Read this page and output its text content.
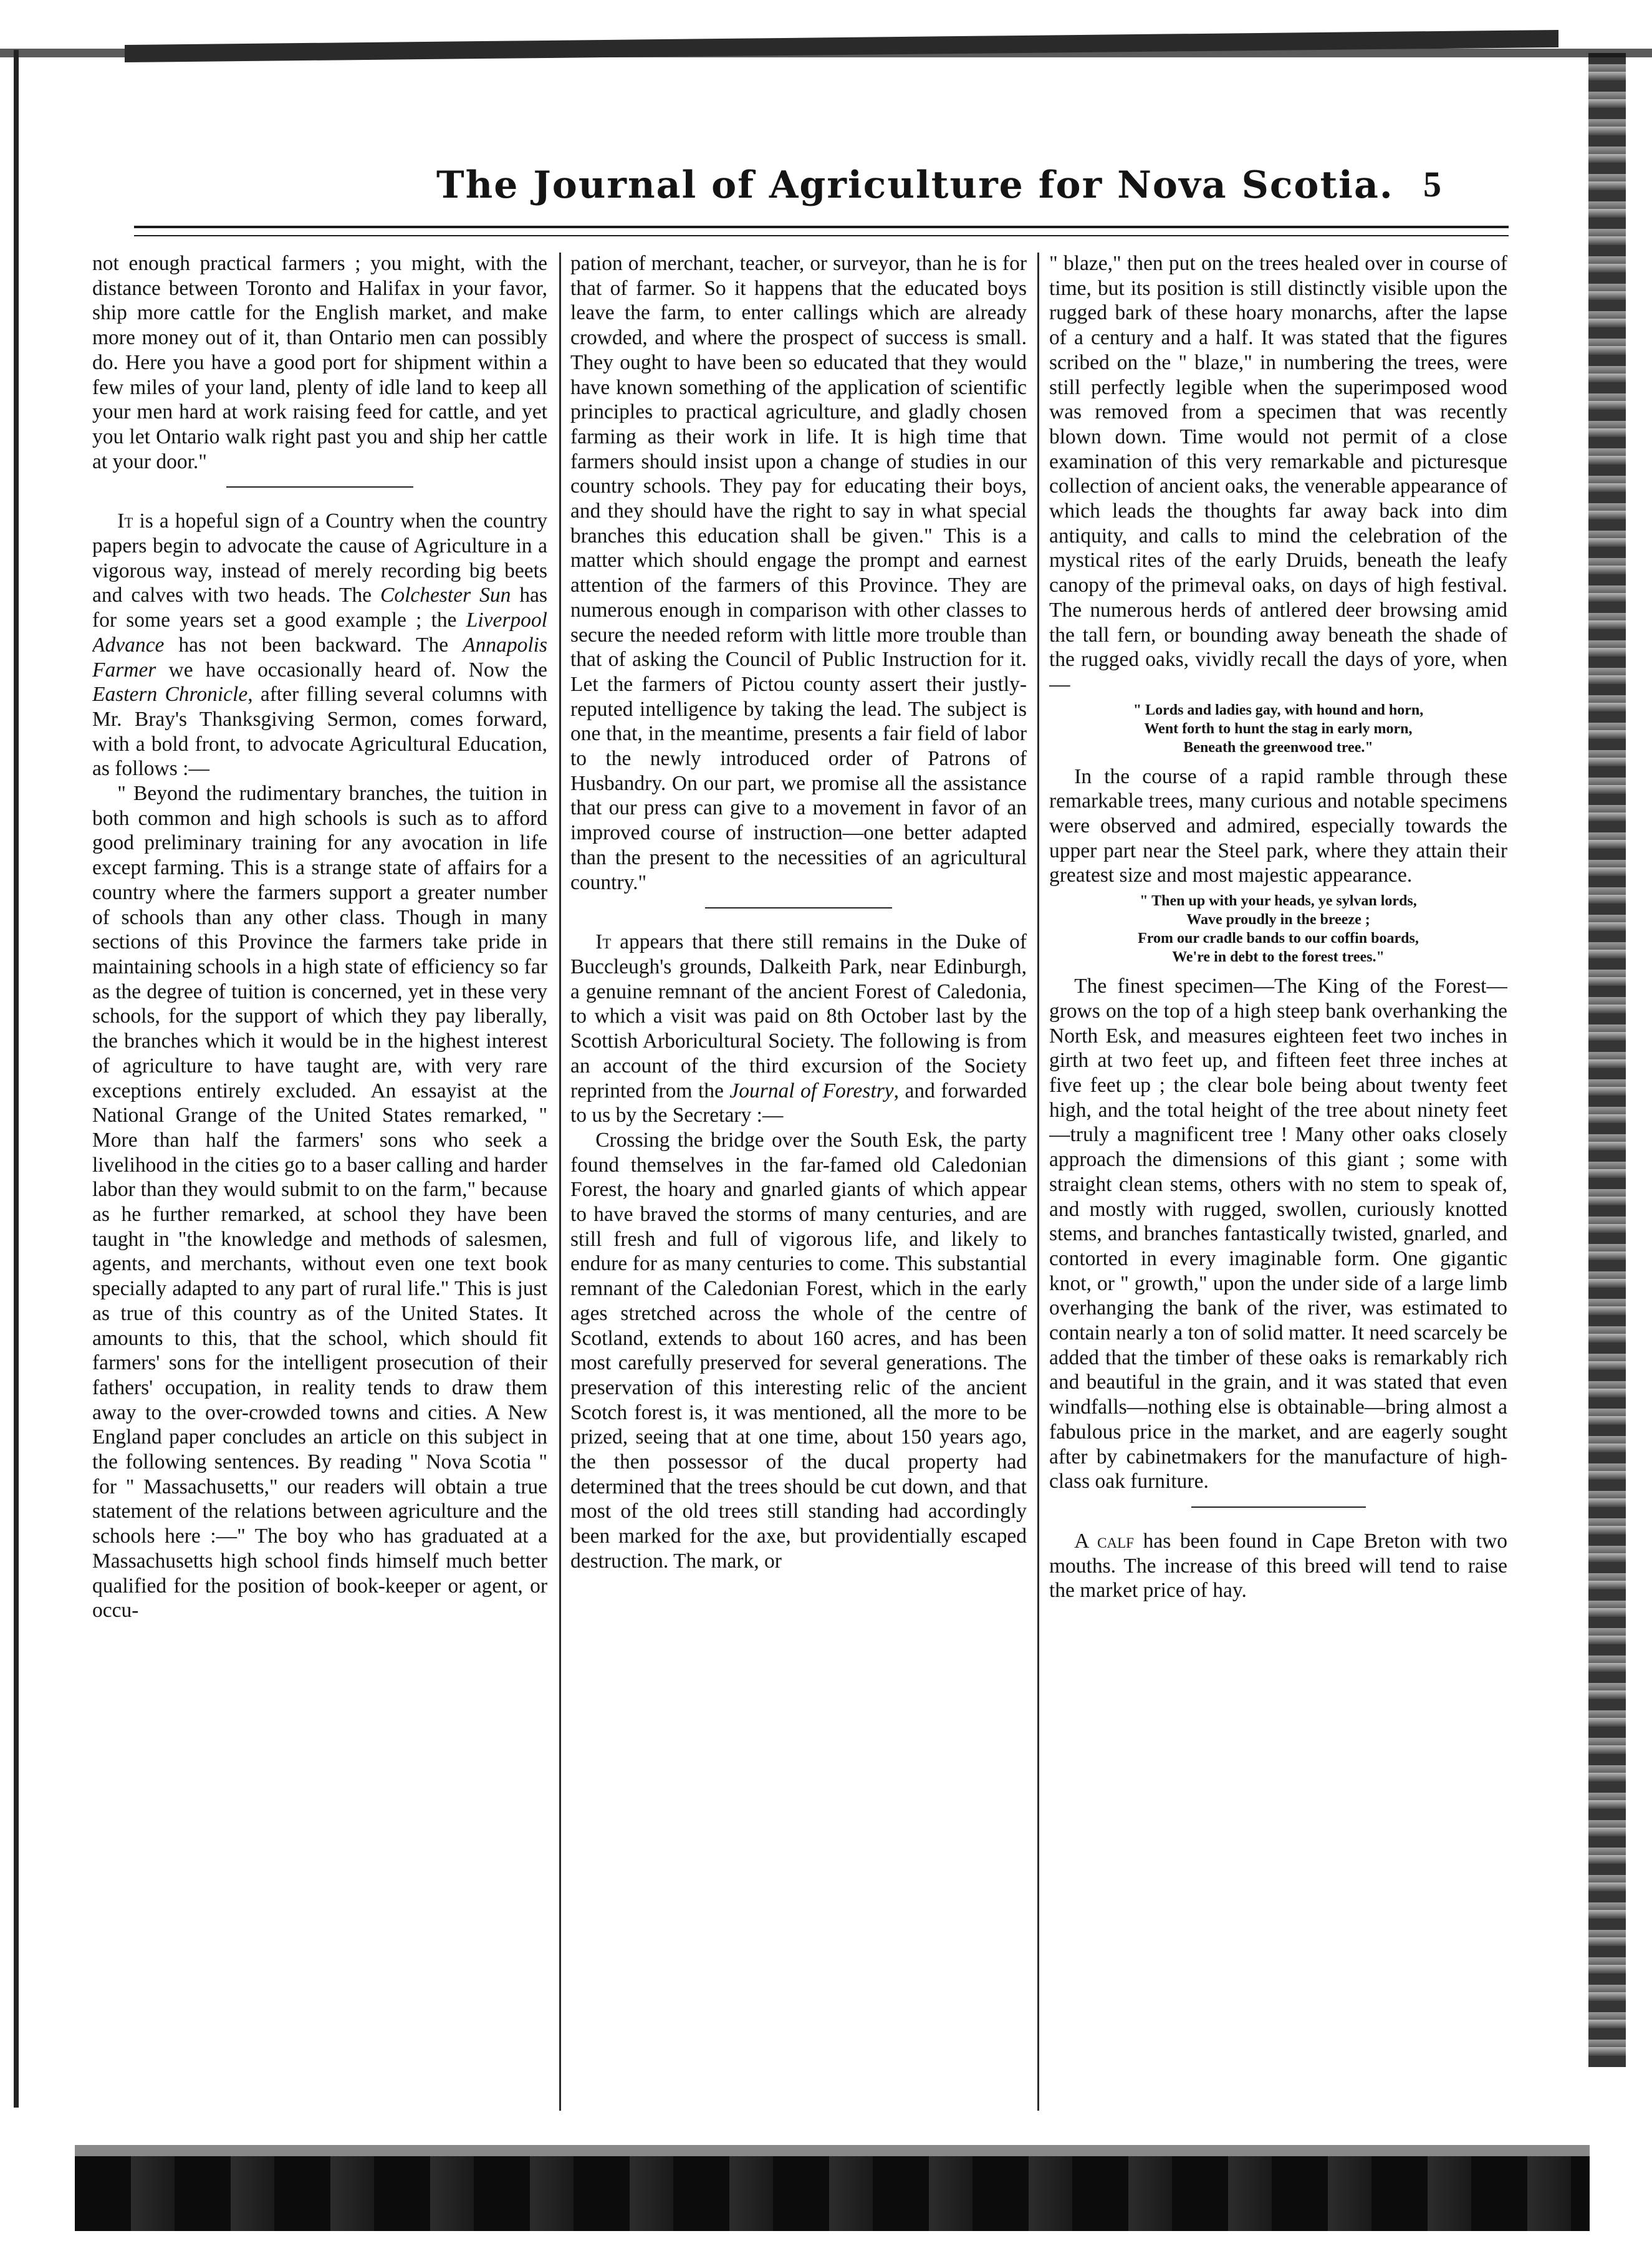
The Journal of Agriculture for Nova Scotia. 5

not enough practical farmers ; you might, with the distance between Toronto and Halifax in your favor, ship more cattle for the English market, and make more money out of it, than Ontario men can possibly do. Here you have a good port for shipment within a few miles of your land, plenty of idle land to keep all your men hard at work raising feed for cattle, and yet you let Ontario walk right past you and ship her cattle at your door."

It is a hopeful sign of a Country when the country papers begin to advocate the cause of Agriculture in a vigorous way, instead of merely recording big beets and calves with two heads. The Colchester Sun has for some years set a good example ; the Liverpool Advance has not been backward. The Annapolis Farmer we have occasionally heard of. Now the Eastern Chronicle, after filling several columns with Mr. Bray's Thanksgiving Sermon, comes forward, with a bold front, to advocate Agricultural Education, as follows :—

" Beyond the rudimentary branches, the tuition in both common and high schools is such as to afford good preliminary training for any avocation in life except farming. This is a strange state of affairs for a country where the farmers support a greater number of schools than any other class. Though in many sections of this Province the farmers take pride in maintaining schools in a high state of efficiency so far as the degree of tuition is concerned, yet in these very schools, for the support of which they pay liberally, the branches which it would be in the highest interest of agriculture to have taught are, with very rare exceptions entirely excluded. An essayist at the National Grange of the United States remarked, " More than half the farmers' sons who seek a livelihood in the cities go to a baser calling and harder labor than they would submit to on the farm," because as he further remarked, at school they have been taught in "the knowledge and methods of salesmen, agents, and merchants, without even one text book specially adapted to any part of rural life." This is just as true of this country as of the United States. It amounts to this, that the school, which should fit farmers' sons for the intelligent prosecution of their fathers' occupation, in reality tends to draw them away to the over-crowded towns and cities. A New England paper concludes an article on this subject in the following sentences. By reading " Nova Scotia " for " Massachusetts," our readers will obtain a true statement of the relations between agriculture and the schools here :—" The boy who has graduated at a Massachusetts high school finds himself much better qualified for the position of book-keeper or agent, or occu-

pation of merchant, teacher, or surveyor, than he is for that of farmer. So it happens that the educated boys leave the farm, to enter callings which are already crowded, and where the prospect of success is small. They ought to have been so educated that they would have known something of the application of scientific principles to practical agriculture, and gladly chosen farming as their work in life. It is high time that farmers should insist upon a change of studies in our country schools. They pay for educating their boys, and they should have the right to say in what special branches this education shall be given." This is a matter which should engage the prompt and earnest attention of the farmers of this Province. They are numerous enough in comparison with other classes to secure the needed reform with little more trouble than that of asking the Council of Public Instruction for it. Let the farmers of Pictou county assert their justly-reputed intelligence by taking the lead. The subject is one that, in the meantime, presents a fair field of labor to the newly introduced order of Patrons of Husbandry. On our part, we promise all the assistance that our press can give to a movement in favor of an improved course of instruction—one better adapted than the present to the necessities of an agricultural country."

It appears that there still remains in the Duke of Buccleugh's grounds, Dalkeith Park, near Edinburgh, a genuine remnant of the ancient Forest of Caledonia, to which a visit was paid on 8th October last by the Scottish Arboricultural Society. The following is from an account of the third excursion of the Society reprinted from the Journal of Forestry, and forwarded to us by the Secretary :—

Crossing the bridge over the South Esk, the party found themselves in the far-famed old Caledonian Forest, the hoary and gnarled giants of which appear to have braved the storms of many centuries, and are still fresh and full of vigorous life, and likely to endure for as many centuries to come. This substantial remnant of the Caledonian Forest, which in the early ages stretched across the whole of the centre of Scotland, extends to about 160 acres, and has been most carefully preserved for several generations. The preservation of this interesting relic of the ancient Scotch forest is, it was mentioned, all the more to be prized, seeing that at one time, about 150 years ago, the then possessor of the ducal property had determined that the trees should be cut down, and that most of the old trees still standing had accordingly been marked for the axe, but providentially escaped destruction. The mark, or

" blaze," then put on the trees healed over in course of time, but its position is still distinctly visible upon the rugged bark of these hoary monarchs, after the lapse of a century and a half. It was stated that the figures scribed on the " blaze," in numbering the trees, were still perfectly legible when the superimposed wood was removed from a specimen that was recently blown down. Time would not permit of a close examination of this very remarkable and picturesque collection of ancient oaks, the venerable appearance of which leads the thoughts far away back into dim antiquity, and calls to mind the celebration of the mystical rites of the early Druids, beneath the leafy canopy of the primeval oaks, on days of high festival. The numerous herds of antlered deer browsing amid the tall fern, or bounding away beneath the shade of the rugged oaks, vividly recall the days of yore, when—

" Lords and ladies gay, with hound and horn,
Went forth to hunt the stag in early morn,
Beneath the greenwood tree."

In the course of a rapid ramble through these remarkable trees, many curious and notable specimens were observed and admired, especially towards the upper part near the Steel park, where they attain their greatest size and most majestic appearance.

" Then up with your heads, ye sylvan lords,
Wave proudly in the breeze ;
From our cradle bands to our coffin boards,
We're in debt to the forest trees."

The finest specimen—The King of the Forest—grows on the top of a high steep bank overhanking the North Esk, and measures eighteen feet two inches in girth at two feet up, and fifteen feet three inches at five feet up ; the clear bole being about twenty feet high, and the total height of the tree about ninety feet —truly a magnificent tree ! Many other oaks closely approach the dimensions of this giant ; some with straight clean stems, others with no stem to speak of, and mostly with rugged, swollen, curiously knotted stems, and branches fantastically twisted, gnarled, and contorted in every imaginable form. One gigantic knot, or " growth," upon the under side of a large limb overhanging the bank of the river, was estimated to contain nearly a ton of solid matter. It need scarcely be added that the timber of these oaks is remarkably rich and beautiful in the grain, and it was stated that even windfalls—nothing else is obtainable—bring almost a fabulous price in the market, and are eagerly sought after by cabinetmakers for the manufacture of high-class oak furniture.

A calf has been found in Cape Breton with two mouths. The increase of this breed will tend to raise the market price of hay.
